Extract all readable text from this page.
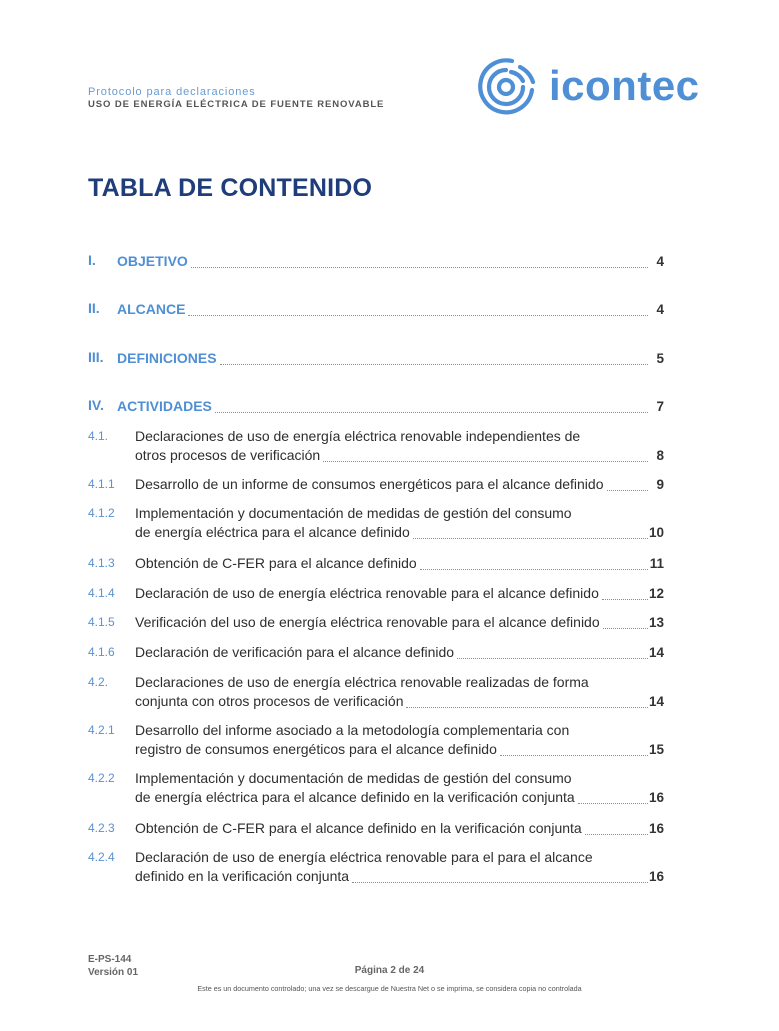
Protocolo para declaraciones
USO DE ENERGÍA ELÉCTRICA DE FUENTE RENOVABLE	icontec
TABLA DE CONTENIDO
I. OBJETIVO	4
II. ALCANCE	4
III. DEFINICIONES	5
IV. ACTIVIDADES	7
4.1. Declaraciones de uso de energía eléctrica renovable independientes de
otros procesos de verificación	8
4.1.1 Desarrollo de un informe de consumos energéticos para el alcance definido	9
4.1.2 Implementación y documentación de medidas de gestión del consumo
de energía eléctrica para el alcance definido	10
4.1.3 Obtención de C-FER para el alcance definido	11
4.1.4 Declaración de uso de energía eléctrica renovable para el alcance definido	12
4.1.5 Verificación del uso de energía eléctrica renovable para el alcance definido	13
4.1.6 Declaración de verificación para el alcance definido	14
4.2. Declaraciones de uso de energía eléctrica renovable realizadas de forma
conjunta con otros procesos de verificación	14
4.2.1 Desarrollo del informe asociado a la metodología complementaria con
registro de consumos energéticos para el alcance definido	15
4.2.2 Implementación y documentación de medidas de gestión del consumo
de energía eléctrica para el alcance definido en la verificación conjunta	16
4.2.3 Obtención de C-FER para el alcance definido en la verificación conjunta	16
4.2.4 Declaración de uso de energía eléctrica renovable para el para el alcance
definido en la verificación conjunta	16
E-PS-144
Versión 01	Página 2 de 24
Este es un documento controlado; una vez se descargue de Nuestra Net o se imprima, se considera copia no controlada
